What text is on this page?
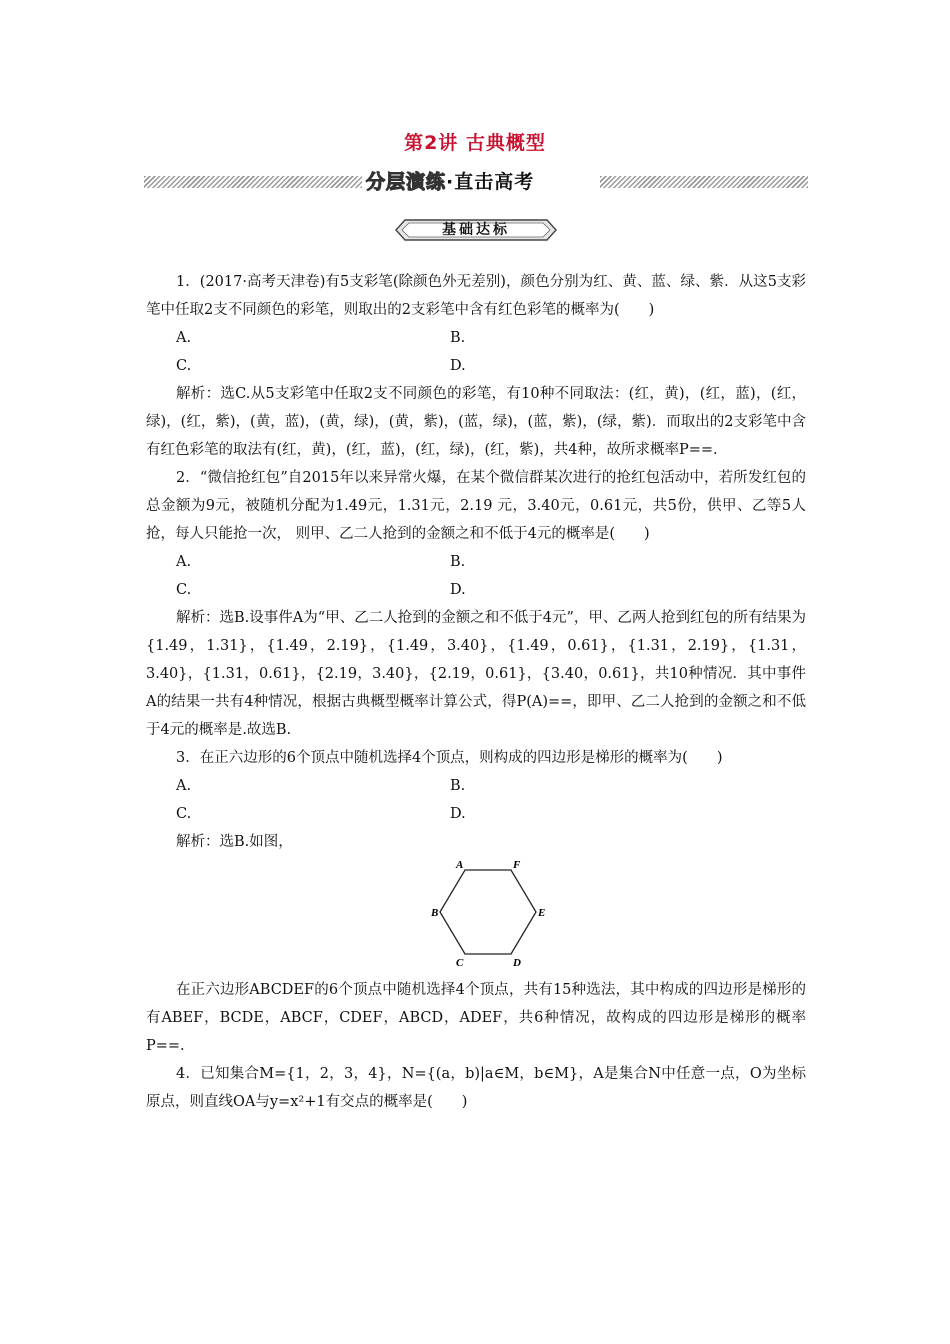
第2讲 古典概型
分层演练·直击高考
基础达标

1．(2017·高考天津卷)有5支彩笔(除颜色外无差别)，颜色分别为红、黄、蓝、绿、紫．从这5支彩笔中任取2支不同颜色的彩笔，则取出的2支彩笔中含有红色彩笔的概率为(　　)

A.	B.
C.	D.

解析：选C.从5支彩笔中任取2支不同颜色的彩笔，有10种不同取法：(红，黄)，(红，蓝)，(红，绿)，(红，紫)，(黄，蓝)，(黄，绿)，(黄，紫)，(蓝，绿)，(蓝，紫)，(绿，紫)．而取出的2支彩笔中含有红色彩笔的取法有(红，黄)，(红，蓝)，(红，绿)，(红，紫)，共4种，故所求概率P==.

2．“微信抢红包”自2015年以来异常火爆，在某个微信群某次进行的抢红包活动中，若所发红包的总金额为9元，被随机分配为1.49元，1.31元，2.19 元，3.40元，0.61元，共5份，供甲、乙等5人抢，每人只能抢一次， 则甲、乙二人抢到的金额之和不低于4元的概率是(　　)

A.	B.
C.	D.

解析：选B.设事件A为“甲、乙二人抢到的金额之和不低于4元”，甲、乙两人抢到红包的所有结果为{1.49，1.31}，{1.49，2.19}，{1.49，3.40}，{1.49，0.61}，{1.31，2.19}，{1.31，3.40}，{1.31，0.61}，{2.19，3.40}，{2.19，0.61}，{3.40，0.61}，共10种情况．其中事件A的结果一共有4种情况，根据古典概型概率计算公式，得P(A)==，即甲、乙二人抢到的金额之和不低于4元的概率是.故选B.

3．在正六边形的6个顶点中随机选择4个顶点，则构成的四边形是梯形的概率为(　　)

A.	B.
C.	D.

解析：选B.如图，

A	F
B	E
C	D

在正六边形ABCDEF的6个顶点中随机选择4个顶点，共有15种选法，其中构成的四边形是梯形的有ABEF，BCDE，ABCF，CDEF，ABCD，ADEF，共6种情况，故构成的四边形是梯形的概率P==.

4．已知集合M={1，2，3，4}，N={(a，b)|a∈M，b∈M}，A是集合N中任意一点，O为坐标原点，则直线OA与y=x²+1有交点的概率是(　　)
